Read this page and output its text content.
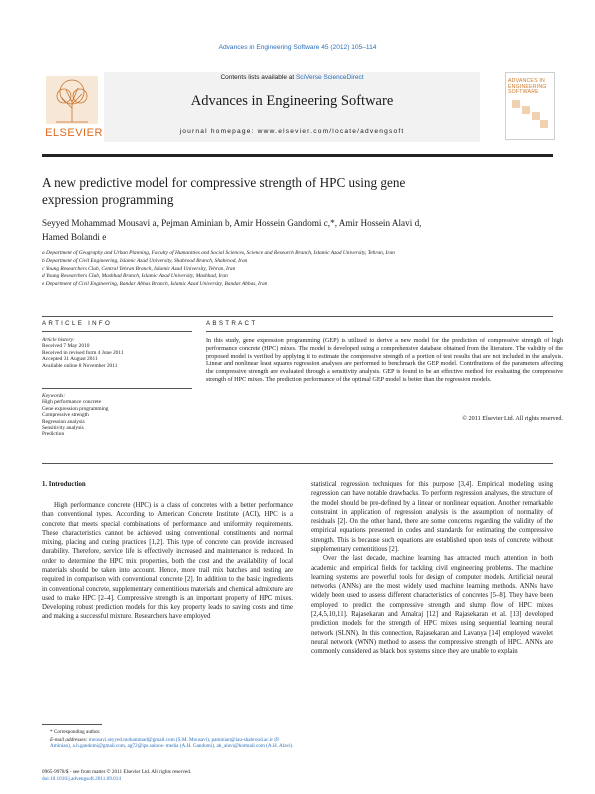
Advances in Engineering Software 45 (2012) 105–114
ELSEVIER
Contents lists available at SciVerse ScienceDirect
Advances in Engineering Software
journal homepage: www.elsevier.com/locate/advengsoft
ADVANCES IN
ENGINEERING
SOFTWARE
A new predictive model for compressive strength of HPC using gene
expression programming
Seyyed Mohammad Mousavi a, Pejman Aminian b, Amir Hossein Gandomi c,*, Amir Hossein Alavi d,
Hamed Bolandi e
a Department of Geography and Urban Planning, Faculty of Humanities and Social Sciences, Science and Research Branch, Islamic Azad University, Tehran, Iran
b Department of Civil Engineering, Islamic Azad University, Shahrood Branch, Shahrood, Iran
c Young Researchers Club, Central Tehran Branch, Islamic Azad University, Tehran, Iran
d Young Researchers Club, Mashhad Branch, Islamic Azad University, Mashhad, Iran
e Department of Civil Engineering, Bandar Abbas Branch, Islamic Azad University, Bandar Abbas, Iran
ARTICLE INFO	ABSTRACT
Article history:
Received 7 May 2010
Received in revised form 4 June 2011
Accepted 31 August 2011
Available online 8 November 2011
Keywords:
High performance concrete
Gene expression programming
Compressive strength
Regression analysis
Sensitivity analysis
Prediction
In this study, gene expression programming (GEP) is utilized to derive a new model for the prediction of compressive strength of high performance concrete (HPC) mixes. The model is developed using a comprehensive database obtained from the literature. The validity of the proposed model is verified by applying it to estimate the compressive strength of a portion of test results that are not included in the analysis. Linear and nonlinear least squares regression analyses are performed to benchmark the GEP model. Contributions of the parameters affecting the compressive strength are evaluated through a sensitivity analysis. GEP is found to be an effective method for evaluating the compressive strength of HPC mixes. The prediction performance of the optimal GEP model is better than the regression models.
© 2011 Elsevier Ltd. All rights reserved.
1. Introduction

High performance concrete (HPC) is a class of concretes with a better performance than conventional types. According to American Concrete Institute (ACI), HPC is a concrete that meets special combinations of performance and uniformity requirements. These characteristics cannot be achieved using conventional constituents and normal mixing, placing and curing practices [1,2]. This type of concrete can provide increased durability. Therefore, service life is effectively increased and maintenance is reduced. In order to determine the HPC mix properties, both the cost and the availability of local materials should be taken into account. Hence, more trail mix batches and testing are required in comparison with conventional concrete [2]. In addition to the basic ingredients in conventional concrete, supplementary cementitious materials and chemical admixture are used to make HPC [2–4]. Compressive strength is an important property of HPC mixes. Developing robust prediction models for this key property leads to saving costs and time and making a successful mixture. Researchers have employed

statistical regression techniques for this purpose [3,4]. Empirical modeling using regression can have notable drawbacks. To perform regression analyses, the structure of the model should be pre-defined by a linear or nonlinear equation. Another remarkable constraint in application of regression analysis is the assumption of normality of residuals [2]. On the other hand, there are some concerns regarding the validity of the empirical equations presented in codes and standards for estimating the compressive strength. This is because such equations are established upon tests of concrete without supplementary cementitious [2].

Over the last decade, machine learning has attracted much attention in both academic and empirical fields for tackling civil engineering problems. The machine learning systems are powerful tools for design of computer models. Artificial neural networks (ANNs) are the most widely used machine learning methods. ANNs have widely been used to assess different characteristics of concretes [5–8]. They have been employed to predict the compressive strength and slump flow of HPC mixes [2,4,5,10,11]. Rajasekaran and Amalraj [12] and Rajasekaran et al. [13] developed prediction models for the strength of HPC mixes using sequential learning neural network (SLNN). In this connection, Rajasekaran and Lavanya [14] employed wavelet neural network (WNN) method to assess the compressive strength of HPC. ANNs are commonly considered as black box systems since they are unable to explain

* Corresponding author.
E-mail addresses: mousavi.seyyed.mohammad@gmail.com (S.M. Mousavi), paminian@iau-shahrood.ac.ir (P. Aminian), a.h.gandomi@gmail.com, ag72@ips.saloos- media (A.H. Gandomi), ah_alavi@hotmail.com (A.H. Alavi).
0965-9978/$ - see front matter © 2011 Elsevier Ltd. All rights reserved.
doi:10.1016/j.advengsoft.2011.09.014
